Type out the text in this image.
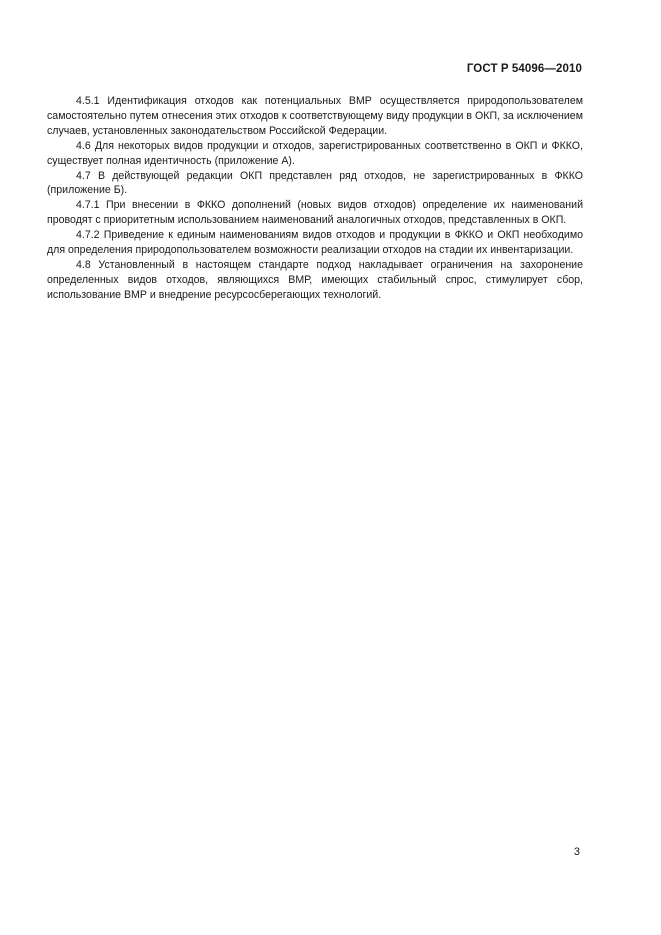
ГОСТ Р 54096—2010

4.5.1 Идентификация отходов как потенциальных ВМР осуществляется природопользователем самостоятельно путем отнесения этих отходов к соответствующему виду продукции в ОКП, за исключением случаев, установленных законодательством Российской Федерации.

4.6 Для некоторых видов продукции и отходов, зарегистрированных соответственно в ОКП и ФККО, существует полная идентичность (приложение А).

4.7 В действующей редакции ОКП представлен ряд отходов, не зарегистрированных в ФККО (приложение Б).

4.7.1 При внесении в ФККО дополнений (новых видов отходов) определение их наименований проводят с приоритетным использованием наименований аналогичных отходов, представленных в ОКП.

4.7.2 Приведение к единым наименованиям видов отходов и продукции в ФККО и ОКП необходимо для определения природопользователем возможности реализации отходов на стадии их инвентаризации.

4.8 Установленный в настоящем стандарте подход накладывает ограничения на захоронение определенных видов отходов, являющихся ВМР, имеющих стабильный спрос, стимулирует сбор, использование ВМР и внедрение ресурсосберегающих технологий.

3
